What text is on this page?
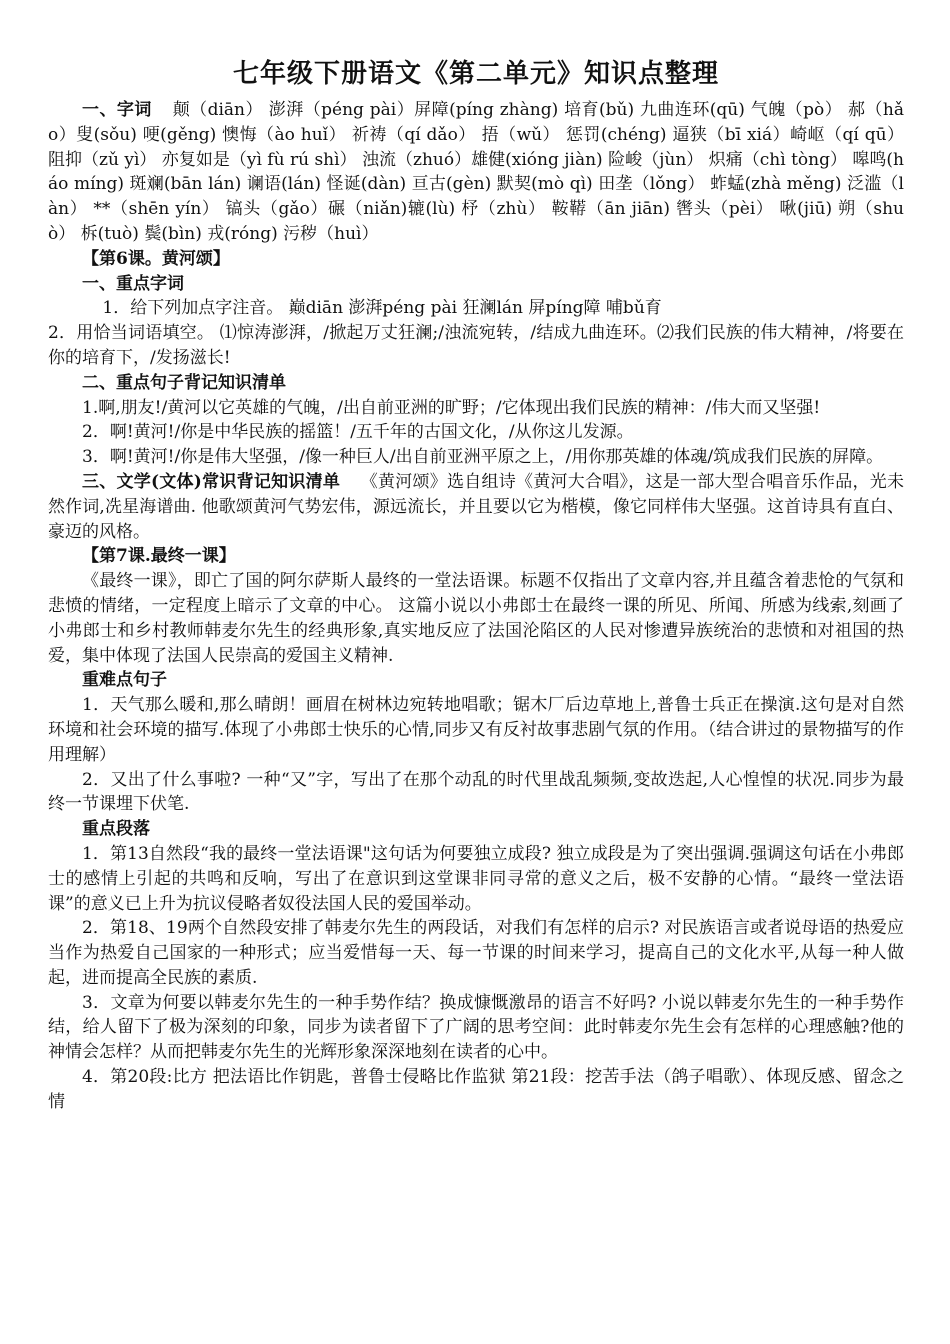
七年级下册语文《第二单元》知识点整理

一、字词 颠（diān） 澎湃（péng pài）屏障(píng zhàng) 培育(bǔ) 九曲连环(qū) 气魄（pò） 郝（hǎo）叟(sǒu) 哽(gěng) 懊悔（ào huǐ） 祈祷（qí dǎo） 捂（wǔ） 惩罚(chéng) 逼狭（bī xiá）崎岖（qí qū） 阻抑（zǔ yì） 亦复如是（yì fù rú shì） 浊流（zhuó）雄健(xióng jiàn) 险峻（jùn） 炽痛（chì tòng） 嗥鸣(háo míng) 斑斓(bān lán) 谰语(lán) 怪诞(dàn) 亘古(gèn) 默契(mò qì) 田垄（lǒng） 蚱蜢(zhà měng) 泛滥（làn） **（shēn yín） 镐头（gǎo）碾（niǎn)辘(lù) 杼（zhù） 鞍鞯（ān jiān) 辔头（pèi） 啾(jiū) 朔（shuò） 柝(tuò) 鬓(bìn) 戎(róng) 污秽（huì）

【第6课。黄河颂】

一、重点字词

1．给下列加点字注音。 巅diān 澎湃péng pài 狂澜lán 屏píng障 哺bǔ育

2．用恰当词语填空。 ⑴惊涛澎湃，/掀起万丈狂澜;/浊流宛转，/结成九曲连环。⑵我们民族的伟大精神，/将要在你的培育下，/发扬滋长!

二、重点句子背记知识清单

1.啊,朋友!/黄河以它英雄的气魄，/出自前亚洲的旷野；/它体现出我们民族的精神：/伟大而又坚强!

2．啊!黄河!/你是中华民族的摇篮！/五千年的古国文化，/从你这儿发源。

3．啊!黄河!/你是伟大坚强，/像一种巨人/出自前亚洲平原之上，/用你那英雄的体魂/筑成我们民族的屏障。

三、文学(文体)常识背记知识清单 《黄河颂》选自组诗《黄河大合唱》，这是一部大型合唱音乐作品，光未然作词,冼星海谱曲. 他歌颂黄河气势宏伟，源远流长，并且要以它为楷模，像它同样伟大坚强。这首诗具有直白、豪迈的风格。

【第7课.最终一课】

《最终一课》，即亡了国的阿尔萨斯人最终的一堂法语课。标题不仅指出了文章内容,并且蕴含着悲怆的气氛和悲愤的情绪，一定程度上暗示了文章的中心。 这篇小说以小弗郎士在最终一课的所见、所闻、所感为线索,刻画了小弗郎士和乡村教师韩麦尔先生的经典形象,真实地反应了法国沦陷区的人民对惨遭异族统治的悲愤和对祖国的热爱，集中体现了法国人民崇高的爱国主义精神.

重难点句子

1．天气那么暖和,那么晴朗！画眉在树林边宛转地唱歌；锯木厂后边草地上,普鲁士兵正在操演.这句是对自然环境和社会环境的描写.体现了小弗郎士快乐的心情,同步又有反衬故事悲剧气氛的作用。（结合讲过的景物描写的作用理解）

2．又出了什么事啦? 一种“又”字，写出了在那个动乱的时代里战乱频频,变故迭起,人心惶惶的状况.同步为最终一节课埋下伏笔.

重点段落

1．第13自然段“我的最终一堂法语课"这句话为何要独立成段? 独立成段是为了突出强调.强调这句话在小弗郎士的感情上引起的共鸣和反响，写出了在意识到这堂课非同寻常的意义之后，极不安静的心情。“最终一堂法语课”的意义已上升为抗议侵略者奴役法国人民的爱国举动。

2．第18、19两个自然段安排了韩麦尔先生的两段话，对我们有怎样的启示? 对民族语言或者说母语的热爱应当作为热爱自己国家的一种形式；应当爱惜每一天、每一节课的时间来学习，提高自己的文化水平,从每一种人做起，进而提高全民族的素质.

3．文章为何要以韩麦尔先生的一种手势作结？换成慷慨激昂的语言不好吗? 小说以韩麦尔先生的一种手势作结，给人留下了极为深刻的印象，同步为读者留下了广阔的思考空间：此时韩麦尔先生会有怎样的心理感触?他的神情会怎样？从而把韩麦尔先生的光辉形象深深地刻在读者的心中。

4．第20段:比方 把法语比作钥匙，普鲁士侵略比作监狱 第21段：挖苦手法（鸽子唱歌）、体现反感、留念之情
